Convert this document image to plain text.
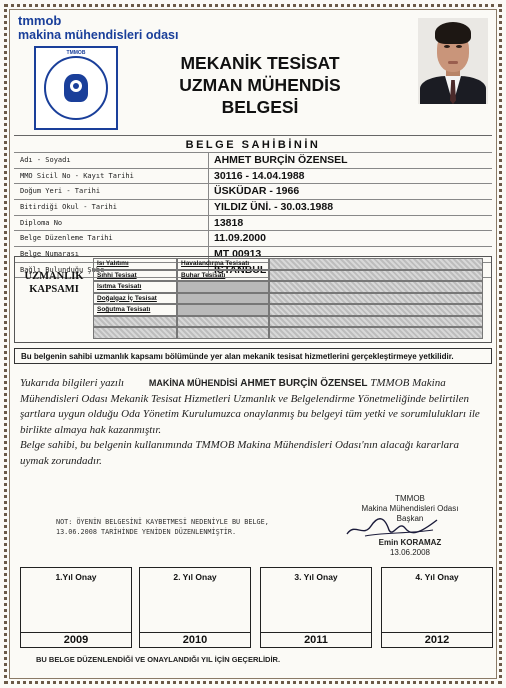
tmmob
makina mühendisleri odası
TMMOB	MEKANİK TESİSAT
UZMAN MÜHENDİS BELGESİ
BELGE SAHİBİNİN
Adı - Soyadı	AHMET BURÇİN ÖZENSEL
MMO Sicil No - Kayıt Tarihi	30116 - 14.04.1988
Doğum Yeri - Tarihi	ÜSKÜDAR - 1966
Bitirdiği Okul - Tarihi	YILDIZ ÜNİ. - 30.03.1988
Diploma No	13818
Belge Düzenleme Tarihi	11.09.2000
Belge Numarası	MT 00913
Bağlı Bulunduğu Şube	İSTANBUL
UZMANLIK
KAPSAMI
Isı Yalıtımı	Havalandırma Tesisatı
Sıhhi Tesisat	Buhar Tesisatı
Isıtma Tesisatı
Doğalgaz İç Tesisat
Soğutma Tesisatı
Bu belgenin sahibi uzmanlık kapsamı bölümünde yer alan mekanik tesisat hizmetlerini gerçekleştirmeye yetkilidir.
Yukarıda bilgileri yazılı	MAKİNA MÜHENDİSİ AHMET BURÇİN ÖZENSEL TMMOB Makina Mühendisleri Odası Mekanik Tesisat Hizmetleri Uzmanlık ve Belgelendirme Yönetmeliğinde belirtilen şartlara uygun olduğu Oda Yönetim Kurulumuzca onaylanmış bu belgeyi tüm yetki ve sorumlulukları ile birlikte almaya hak kazanmıştır.
Belge sahibi, bu belgenin kullanımında TMMOB Makina Mühendisleri Odası'nın alacağı kararlara uymak zorundadır.
NOT: ÖYENİN BELGESİNİ KAYBETMESİ NEDENİYLE BU BELGE,
13.06.2008 TARİHİNDE YENİDEN DÜZENLENMİŞTİR.
TMMOB
Makina Mühendisleri Odası
Başkan
Emin KORAMAZ
13.06.2008
1.Yıl Onay
2009
2. Yıl Onay
2010
3. Yıl Onay
2011
4. Yıl Onay
2012
BU BELGE DÜZENLENDİĞİ VE ONAYLANDIĞI YIL İÇİN GEÇERLİDİR.
